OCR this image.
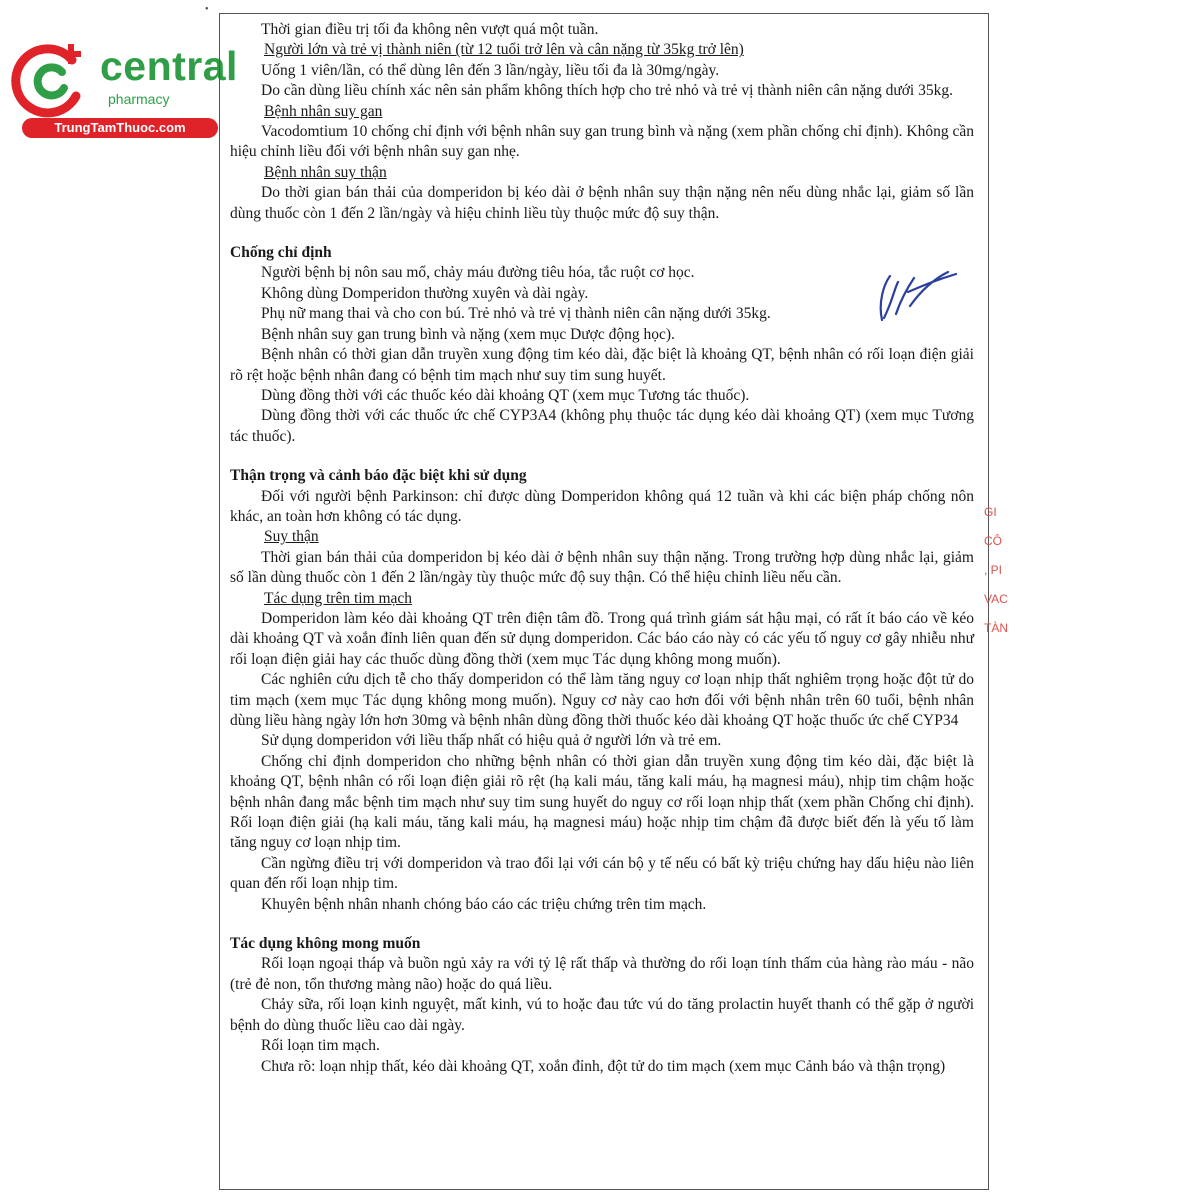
central
pharmacy
TrungTamThuoc.com
•

Thời gian điều trị tối đa không nên vượt quá một tuần.

Người lớn và trẻ vị thành niên (từ 12 tuổi trở lên và cân nặng từ 35kg trở lên)

Uống 1 viên/lần, có thể dùng lên đến 3 lần/ngày, liều tối đa là 30mg/ngày.

Do cần dùng liều chính xác nên sản phẩm không thích hợp cho trẻ nhỏ và trẻ vị thành niên cân nặng dưới 35kg.

Bệnh nhân suy gan

Vacodomtium 10 chống chỉ định với bệnh nhân suy gan trung bình và nặng (xem phần chống chỉ định). Không cần hiệu chỉnh liều đối với bệnh nhân suy gan nhẹ.

Bệnh nhân suy thận

Do thời gian bán thải của domperidon bị kéo dài ở bệnh nhân suy thận nặng nên nếu dùng nhắc lại, giảm số lần dùng thuốc còn 1 đến 2 lần/ngày và hiệu chỉnh liều tùy thuộc mức độ suy thận.

Chống chỉ định

Người bệnh bị nôn sau mổ, chảy máu đường tiêu hóa, tắc ruột cơ học.

Không dùng Domperidon thường xuyên và dài ngày.

Phụ nữ mang thai và cho con bú. Trẻ nhỏ và trẻ vị thành niên cân nặng dưới 35kg.

Bệnh nhân suy gan trung bình và nặng (xem mục Dược động học).

Bệnh nhân có thời gian dẫn truyền xung động tim kéo dài, đặc biệt là khoảng QT, bệnh nhân có rối loạn điện giải rõ rệt hoặc bệnh nhân đang có bệnh tim mạch như suy tim sung huyết.

Dùng đồng thời với các thuốc kéo dài khoảng QT (xem mục Tương tác thuốc).

Dùng đồng thời với các thuốc ức chế CYP3A4 (không phụ thuộc tác dụng kéo dài khoảng QT) (xem mục Tương tác thuốc).

Thận trọng và cảnh báo đặc biệt khi sử dụng

Đối với người bệnh Parkinson: chỉ được dùng Domperidon không quá 12 tuần và khi các biện pháp chống nôn khác, an toàn hơn không có tác dụng.

Suy thận

Thời gian bán thải của domperidon bị kéo dài ở bệnh nhân suy thận nặng. Trong trường hợp dùng nhắc lại, giảm số lần dùng thuốc còn 1 đến 2 lần/ngày tùy thuộc mức độ suy thận. Có thể hiệu chỉnh liều nếu cần.

Tác dụng trên tim mạch

Domperidon làm kéo dài khoảng QT trên điện tâm đồ. Trong quá trình giám sát hậu mại, có rất ít báo cáo về kéo dài khoảng QT và xoắn đỉnh liên quan đến sử dụng domperidon. Các báo cáo này có các yếu tố nguy cơ gây nhiễu như rối loạn điện giải hay các thuốc dùng đồng thời (xem mục Tác dụng không mong muốn).

Các nghiên cứu dịch tễ cho thấy domperidon có thể làm tăng nguy cơ loạn nhịp thất nghiêm trọng hoặc đột tử do tim mạch (xem mục Tác dụng không mong muốn). Nguy cơ này cao hơn đối với bệnh nhân trên 60 tuổi, bệnh nhân dùng liều hàng ngày lớn hơn 30mg và bệnh nhân dùng đồng thời thuốc kéo dài khoảng QT hoặc thuốc ức chế CYP34

Sử dụng domperidon với liều thấp nhất có hiệu quả ở người lớn và trẻ em.

Chống chỉ định domperidon cho những bệnh nhân có thời gian dẫn truyền xung động tim kéo dài, đặc biệt là khoảng QT, bệnh nhân có rối loạn điện giải rõ rệt (hạ kali máu, tăng kali máu, hạ magnesi máu), nhịp tim chậm hoặc bệnh nhân đang mắc bệnh tim mạch như suy tim sung huyết do nguy cơ rối loạn nhịp thất (xem phần Chống chỉ định). Rối loạn điện giải (hạ kali máu, tăng kali máu, hạ magnesi máu) hoặc nhịp tim chậm đã được biết đến là yếu tố làm tăng nguy cơ loạn nhịp tim.

Cần ngừng điều trị với domperidon và trao đổi lại với cán bộ y tế nếu có bất kỳ triệu chứng hay dấu hiệu nào liên quan đến rối loạn nhịp tim.

Khuyên bệnh nhân nhanh chóng báo cáo các triệu chứng trên tim mạch.

Tác dụng không mong muốn

Rối loạn ngoại tháp và buồn ngủ xảy ra với tỷ lệ rất thấp và thường do rối loạn tính thấm của hàng rào máu - não (trẻ đẻ non, tổn thương màng não) hoặc do quá liều.

Chảy sữa, rối loạn kinh nguyệt, mất kinh, vú to hoặc đau tức vú do tăng prolactin huyết thanh có thể gặp ở người bệnh do dùng thuốc liều cao dài ngày.

Rối loạn tim mạch.

Chưa rõ: loạn nhịp thất, kéo dài khoảng QT, xoắn đỉnh, đột tử do tim mạch (xem mục Cảnh báo và thận trọng)

GI
CÔ
, PI
VAC
TÀN
